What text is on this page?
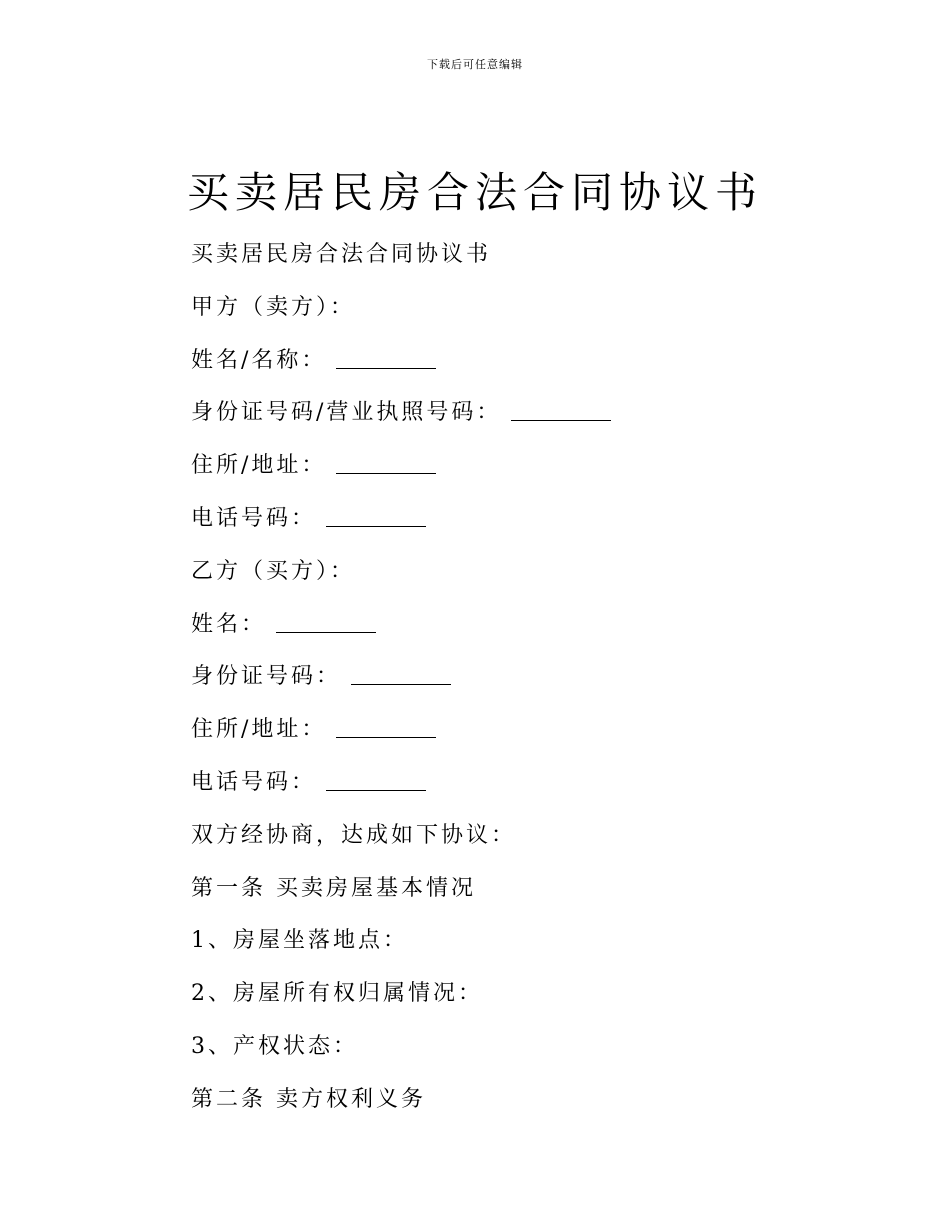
下载后可任意编辑
买卖居民房合法合同协议书
买卖居民房合法合同协议书
甲方（卖方）：
姓名/名称：
身份证号码/营业执照号码：
住所/地址：
电话号码：
乙方（买方）：
姓名：
身份证号码：
住所/地址：
电话号码：
双方经协商，达成如下协议：
第一条 买卖房屋基本情况
1、房屋坐落地点：
2、房屋所有权归属情况：
3、产权状态：
第二条 卖方权利义务
